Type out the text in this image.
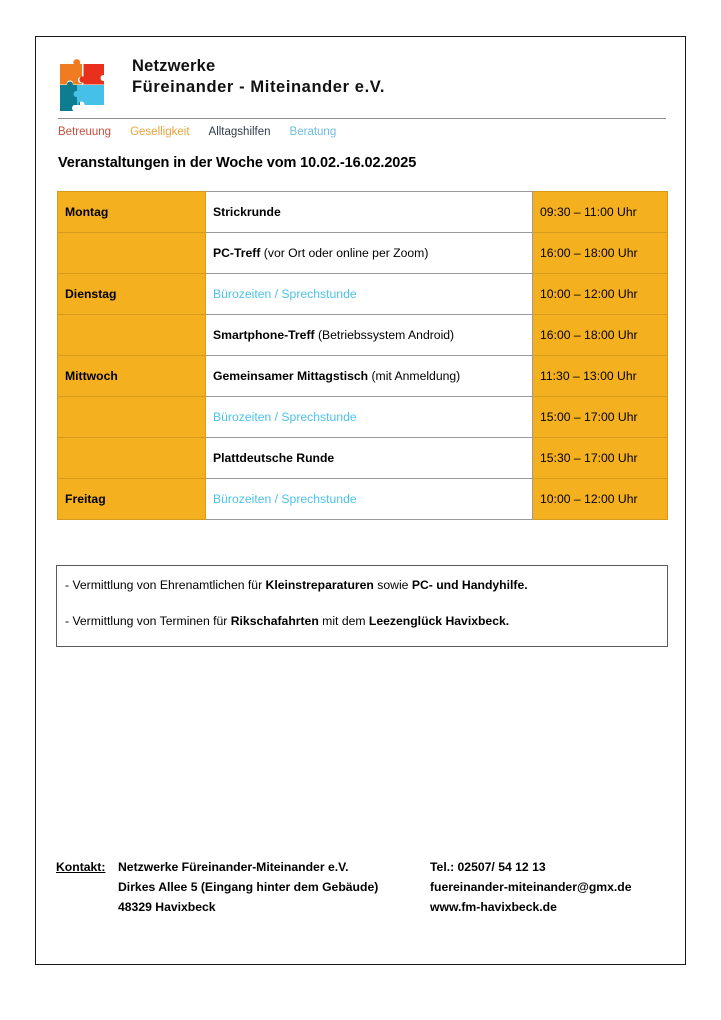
Netzwerke
Füreinander - Miteinander e.V.
Betreuung Geselligkeit Alltagshilfen Beratung
Veranstaltungen in der Woche vom 10.02.-16.02.2025
Montag	Strickrunde	09:30 – 11:00 Uhr
	PC-Treff (vor Ort oder online per Zoom)	16:00 – 18:00 Uhr
Dienstag	Bürozeiten / Sprechstunde	10:00 – 12:00 Uhr
	Smartphone-Treff (Betriebssystem Android)	16:00 – 18:00 Uhr
Mittwoch	Gemeinsamer Mittagstisch (mit Anmeldung)	11:30 – 13:00 Uhr
	Bürozeiten / Sprechstunde	15:00 – 17:00 Uhr
	Plattdeutsche Runde	15:30 – 17:00 Uhr
Freitag	Bürozeiten / Sprechstunde	10:00 – 12:00 Uhr
- Vermittlung von Ehrenamtlichen für Kleinstreparaturen sowie PC- und Handyhilfe.
- Vermittlung von Terminen für Rikschafahrten mit dem Leezenglück Havixbeck.
Kontakt:	Netzwerke Füreinander-Miteinander e.V.	Tel.: 02507/ 54 12 13
Dirkes Allee 5 (Eingang hinter dem Gebäude)	fuereinander-miteinander@gmx.de
48329 Havixbeck	www.fm-havixbeck.de
